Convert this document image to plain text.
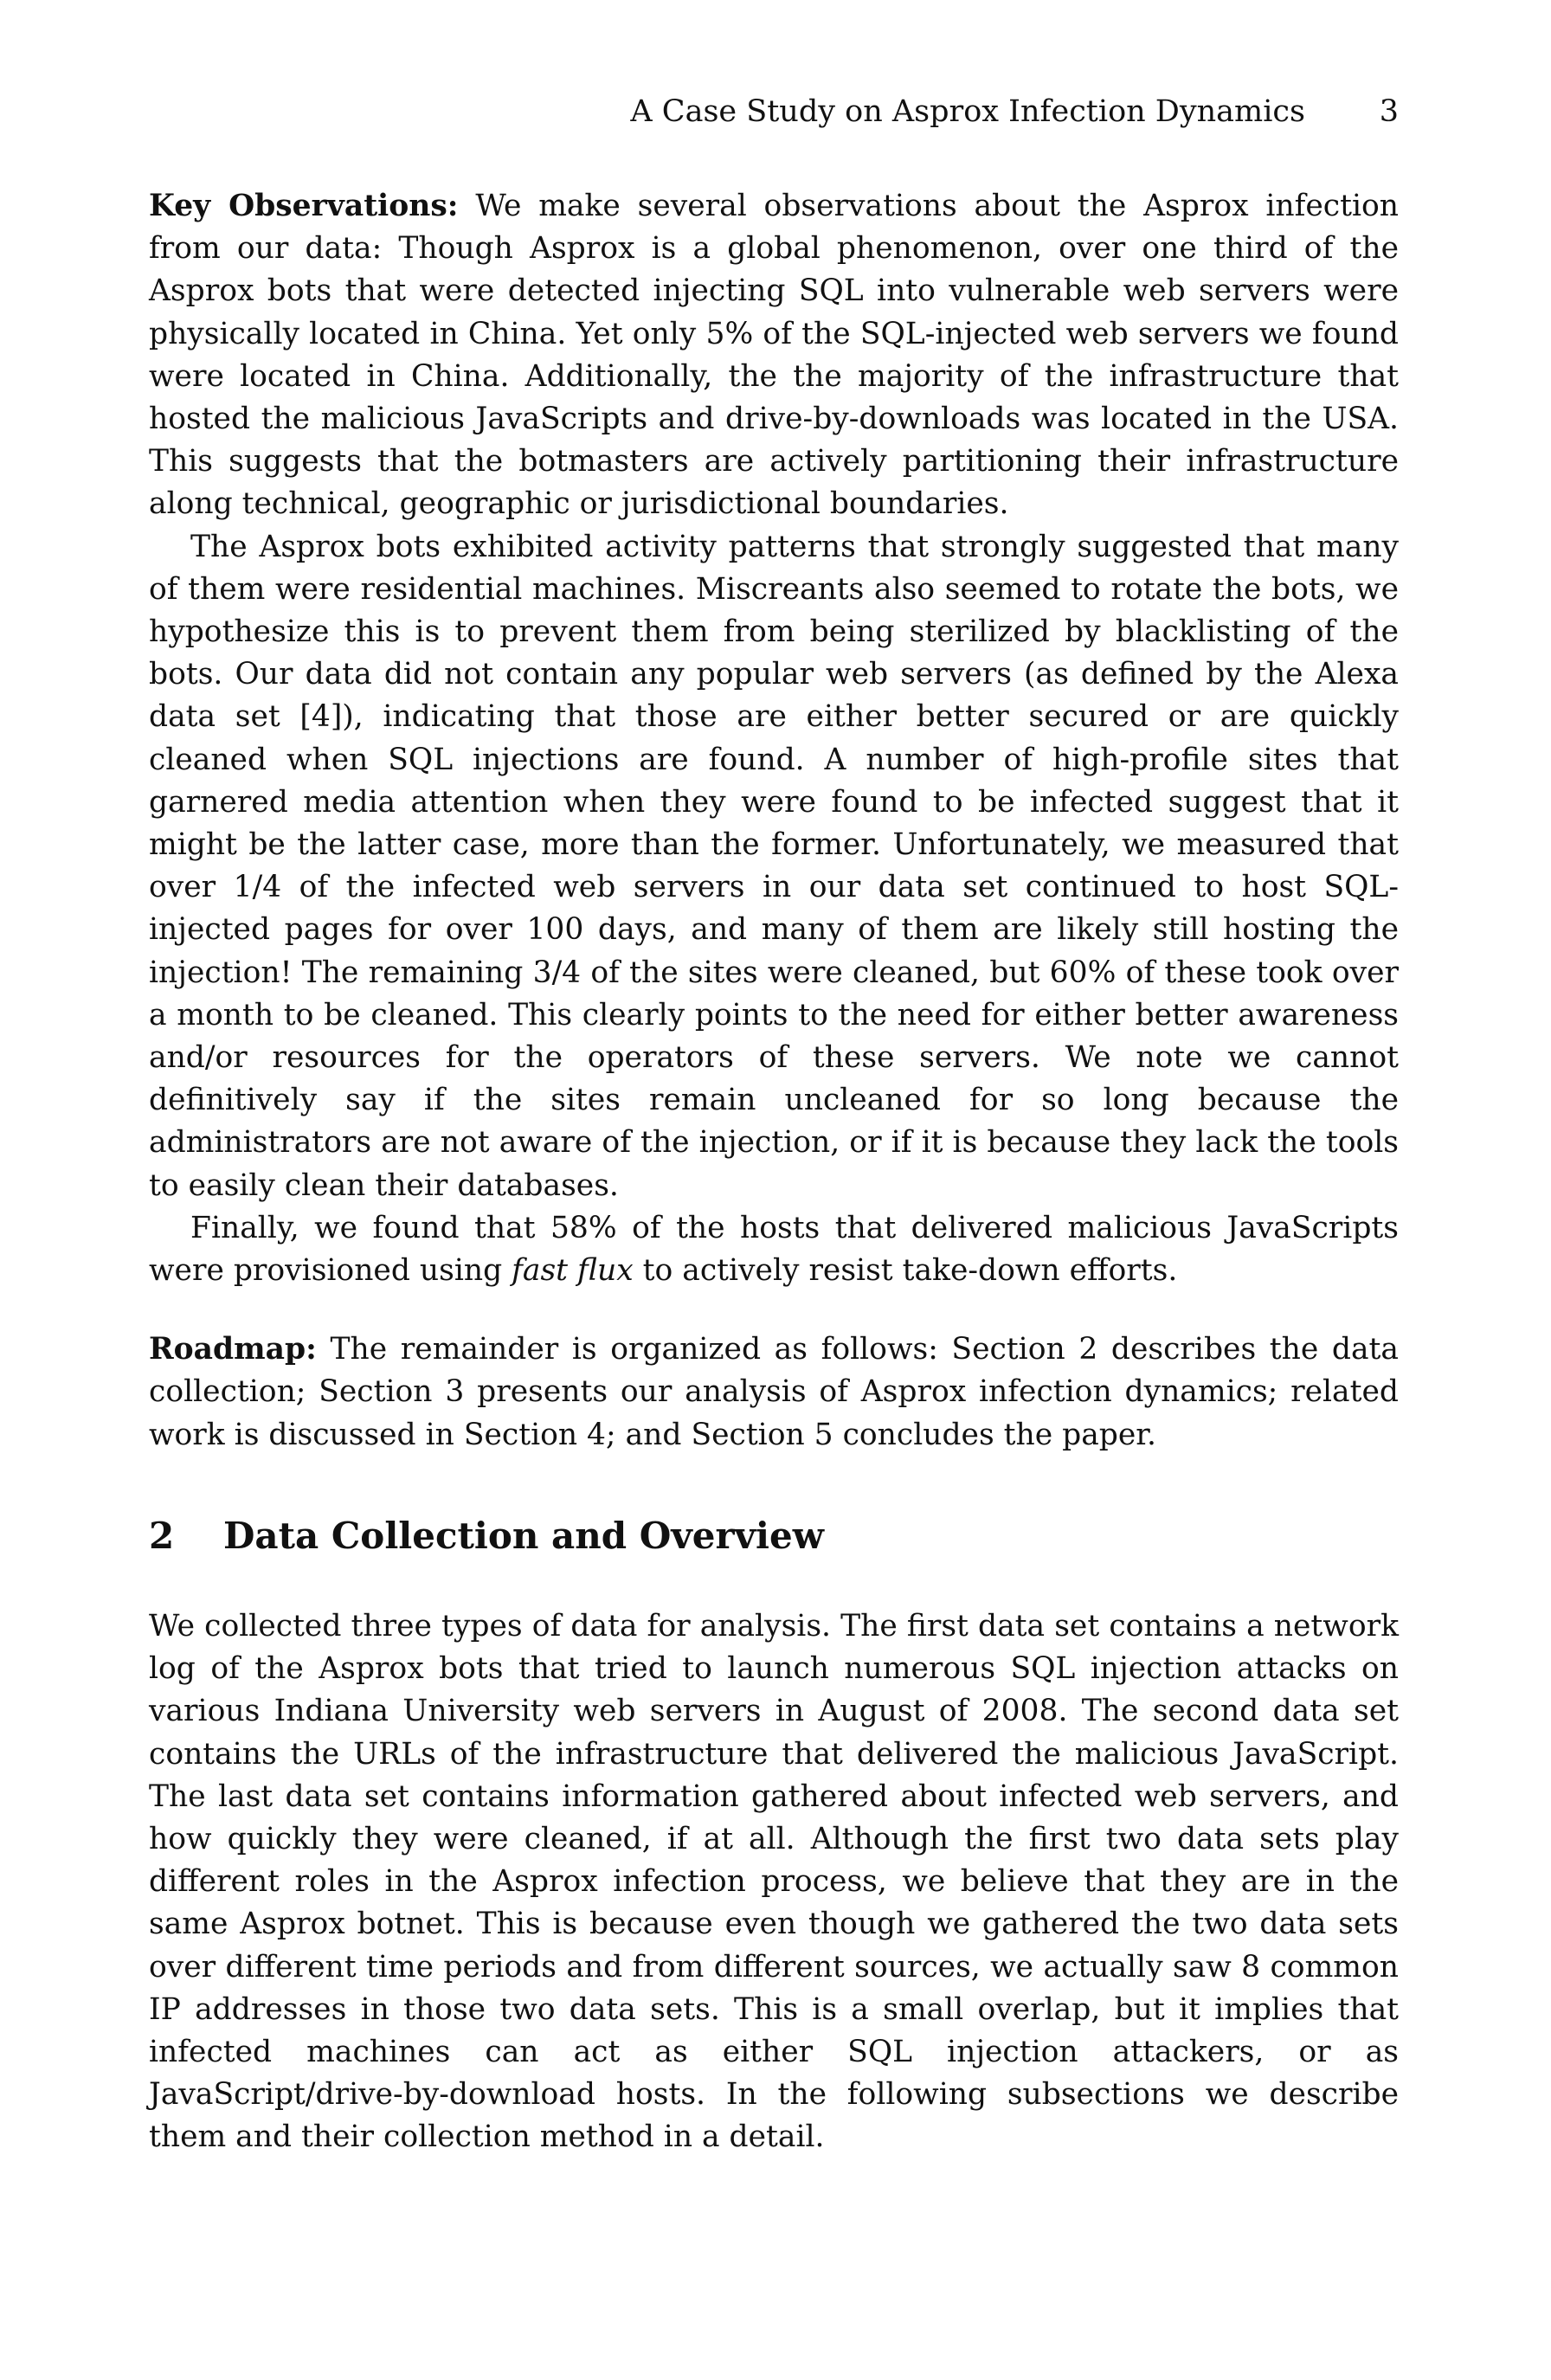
A Case Study on Asprox Infection Dynamics 3

Key Observations: We make several observations about the Asprox infection from our data: Though Asprox is a global phenomenon, over one third of the Asprox bots that were detected injecting SQL into vulnerable web servers were physically located in China. Yet only 5% of the SQL-injected web servers we found were located in China. Additionally, the the majority of the infrastructure that hosted the malicious JavaScripts and drive-by-downloads was located in the USA. This suggests that the botmasters are actively partitioning their infrastructure along technical, geographic or jurisdictional boundaries.

The Asprox bots exhibited activity patterns that strongly suggested that many of them were residential machines. Miscreants also seemed to rotate the bots, we hypothesize this is to prevent them from being sterilized by blacklisting of the bots. Our data did not contain any popular web servers (as defined by the Alexa data set [4]), indicating that those are either better secured or are quickly cleaned when SQL injections are found. A number of high-profile sites that garnered media attention when they were found to be infected suggest that it might be the latter case, more than the former. Unfortunately, we measured that over 1/4 of the infected web servers in our data set continued to host SQL-injected pages for over 100 days, and many of them are likely still hosting the injection! The remaining 3/4 of the sites were cleaned, but 60% of these took over a month to be cleaned. This clearly points to the need for either better awareness and/or resources for the operators of these servers. We note we cannot definitively say if the sites remain uncleaned for so long because the administrators are not aware of the injection, or if it is because they lack the tools to easily clean their databases.

Finally, we found that 58% of the hosts that delivered malicious JavaScripts were provisioned using fast flux to actively resist take-down efforts.

Roadmap: The remainder is organized as follows: Section 2 describes the data collection; Section 3 presents our analysis of Asprox infection dynamics; related work is discussed in Section 4; and Section 5 concludes the paper.

2 Data Collection and Overview

We collected three types of data for analysis. The first data set contains a network log of the Asprox bots that tried to launch numerous SQL injection attacks on various Indiana University web servers in August of 2008. The second data set contains the URLs of the infrastructure that delivered the malicious JavaScript. The last data set contains information gathered about infected web servers, and how quickly they were cleaned, if at all. Although the first two data sets play different roles in the Asprox infection process, we believe that they are in the same Asprox botnet. This is because even though we gathered the two data sets over different time periods and from different sources, we actually saw 8 common IP addresses in those two data sets. This is a small overlap, but it implies that infected machines can act as either SQL injection attackers, or as JavaScript/drive-by-download hosts. In the following subsections we describe them and their collection method in a detail.
